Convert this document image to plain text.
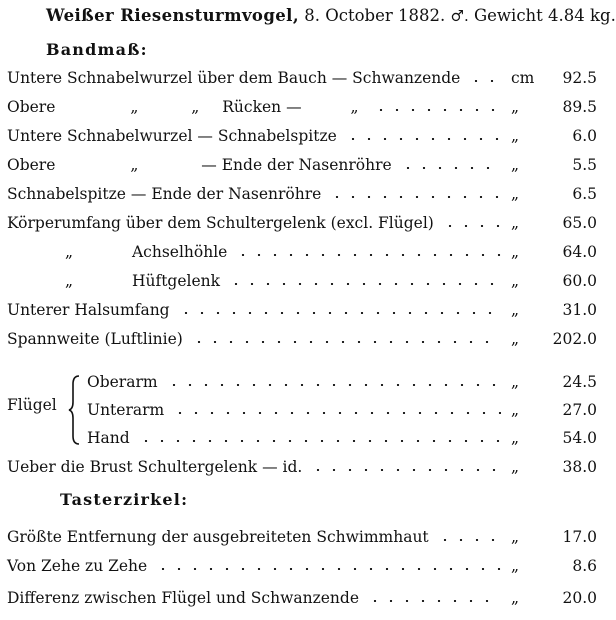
Weißer Riesensturmvogel, 8. October 1882. ♂. Gewicht 4.84 kg.
Bandmaß:
Untere Schnabelwurzel über dem Bauch — Schwanzende	cm	92.5
Obere	„	„ Rücken —	„	„	89.5
Untere Schnabelwurzel — Schnabelspitze	„	6.0
Obere	„	— Ende der Nasenröhre	„	5.5
Schnabelspitze — Ende der Nasenröhre	„	6.5
Körperumfang über dem Schultergelenk (excl. Flügel)	„	65.0
„	Achselhöhle	„	64.0
„	Hüftgelenk	„	60.0
Unterer Halsumfang	„	31.0
Spannweite (Luftlinie)	„	202.0
Flügel
Oberarm	„	24.5
Unterarm	„	27.0
Hand	„	54.0
Ueber die Brust Schultergelenk — id.	„	38.0
Tasterzirkel:
Größte Entfernung der ausgebreiteten Schwimmhaut	„	17.0
Von Zehe zu Zehe	„	8.6
Differenz zwischen Flügel und Schwanzende	„	20.0
